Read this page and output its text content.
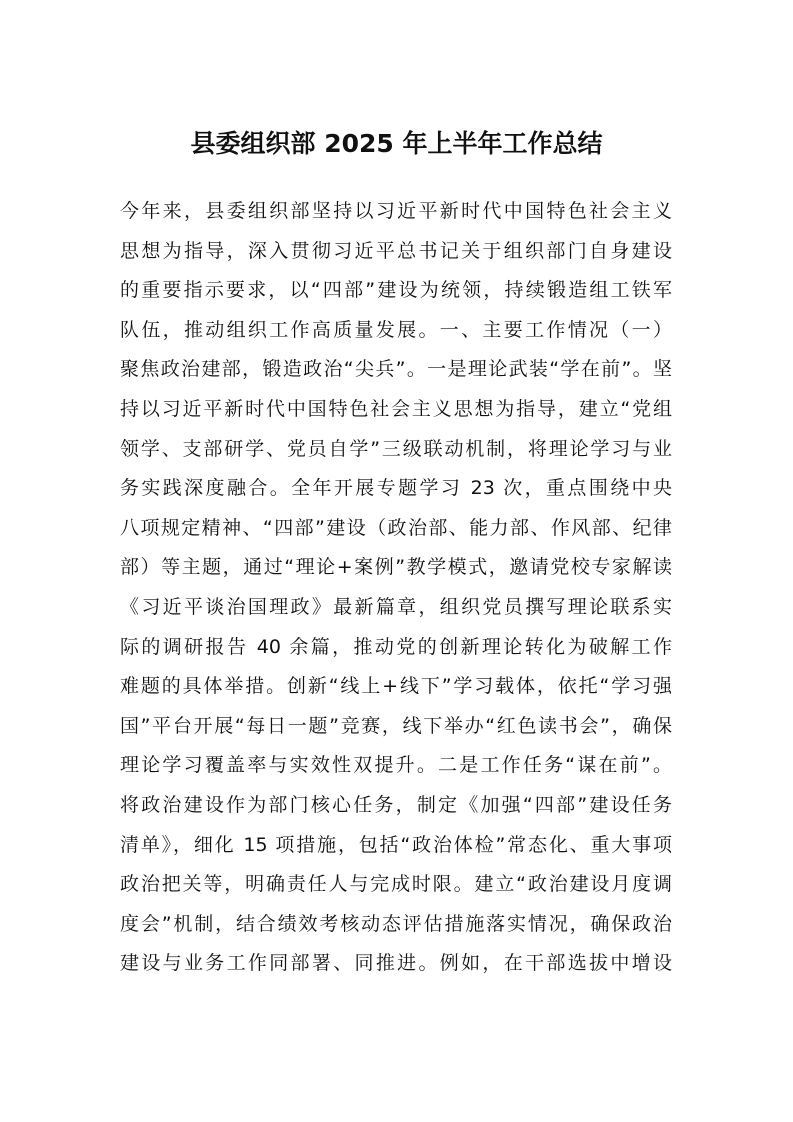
县委组织部 2025 年上半年工作总结
今年来，县委组织部坚持以习近平新时代中国特色社会主义
思想为指导，深入贯彻习近平总书记关于组织部门自身建设
的重要指示要求，以“四部”建设为统领，持续锻造组工铁军
队伍，推动组织工作高质量发展。一、主要工作情况（一）
聚焦政治建部，锻造政治“尖兵”。一是理论武装“学在前”。坚
持以习近平新时代中国特色社会主义思想为指导，建立“党组
领学、支部研学、党员自学”三级联动机制，将理论学习与业
务实践深度融合。全年开展专题学习 23 次，重点围绕中央
八项规定精神、“四部”建设（政治部、能力部、作风部、纪律
部）等主题，通过“理论+案例”教学模式，邀请党校专家解读
《习近平谈治国理政》最新篇章，组织党员撰写理论联系实
际的调研报告 40 余篇，推动党的创新理论转化为破解工作
难题的具体举措。创新“线上+线下”学习载体，依托“学习强
国”平台开展“每日一题”竞赛，线下举办“红色读书会”，确保
理论学习覆盖率与实效性双提升。二是工作任务“谋在前”。
将政治建设作为部门核心任务，制定《加强“四部”建设任务
清单》，细化 15 项措施，包括“政治体检”常态化、重大事项
政治把关等，明确责任人与完成时限。建立“政治建设月度调
度会”机制，结合绩效考核动态评估措施落实情况，确保政治
建设与业务工作同部署、同推进。例如，在干部选拔中增设
